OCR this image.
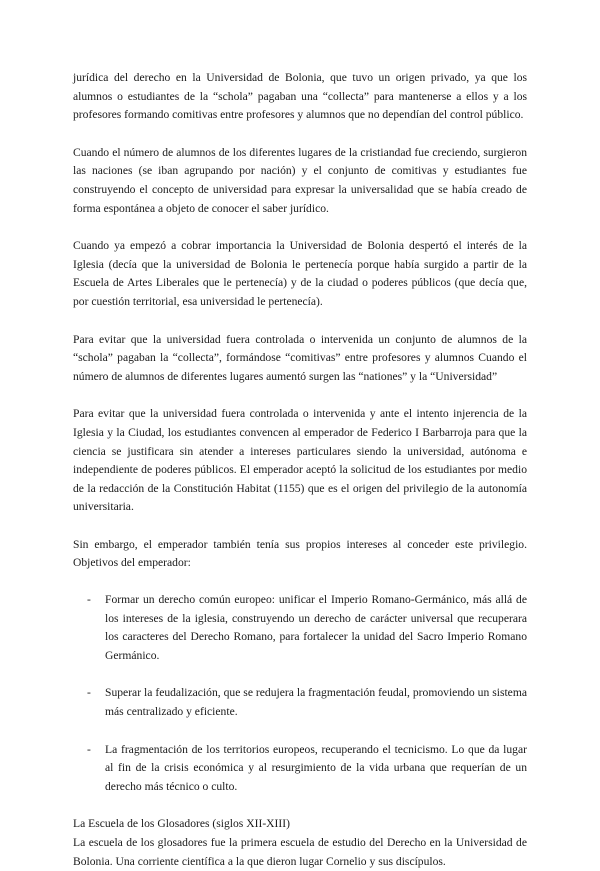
jurídica del derecho en la Universidad de Bolonia, que tuvo un origen privado, ya que los alumnos o estudiantes de la “schola” pagaban una “collecta” para mantenerse a ellos y a los profesores formando comitivas entre profesores y alumnos que no dependían del control público.

Cuando el número de alumnos de los diferentes lugares de la cristiandad fue creciendo, surgieron las naciones (se iban agrupando por nación) y el conjunto de comitivas y estudiantes fue construyendo el concepto de universidad para expresar la universalidad que se había creado de forma espontánea a objeto de conocer el saber jurídico.

Cuando ya empezó a cobrar importancia la Universidad de Bolonia despertó el interés de la Iglesia (decía que la universidad de Bolonia le pertenecía porque había surgido a partir de la Escuela de Artes Liberales que le pertenecía) y de la ciudad o poderes públicos (que decía que, por cuestión territorial, esa universidad le pertenecía).

Para evitar que la universidad fuera controlada o intervenida un conjunto de alumnos de la “schola” pagaban la “collecta”, formándose “comitivas” entre profesores y alumnos Cuando el número de alumnos de diferentes lugares aumentó surgen las “nationes” y la “Universidad”

Para evitar que la universidad fuera controlada o intervenida y ante el intento injerencia de la Iglesia y la Ciudad, los estudiantes convencen al emperador de Federico I Barbarroja para que la ciencia se justificara sin atender a intereses particulares siendo la universidad, autónoma e independiente de poderes públicos. El emperador aceptó la solicitud de los estudiantes por medio de la redacción de la Constitución Habitat (1155) que es el origen del privilegio de la autonomía universitaria.

Sin embargo, el emperador también tenía sus propios intereses al conceder este privilegio. Objetivos del emperador:

- Formar un derecho común europeo: unificar el Imperio Romano-Germánico, más allá de los intereses de la iglesia, construyendo un derecho de carácter universal que recuperara los caracteres del Derecho Romano, para fortalecer la unidad del Sacro Imperio Romano Germánico.
- Superar la feudalización, que se redujera la fragmentación feudal, promoviendo un sistema más centralizado y eficiente.
- La fragmentación de los territorios europeos, recuperando el tecnicismo. Lo que da lugar al fin de la crisis económica y al resurgimiento de la vida urbana que requerían de un derecho más técnico o culto.

La Escuela de los Glosadores (siglos XII-XIII)

La escuela de los glosadores fue la primera escuela de estudio del Derecho en la Universidad de Bolonia. Una corriente científica a la que dieron lugar Cornelio y sus discípulos.
